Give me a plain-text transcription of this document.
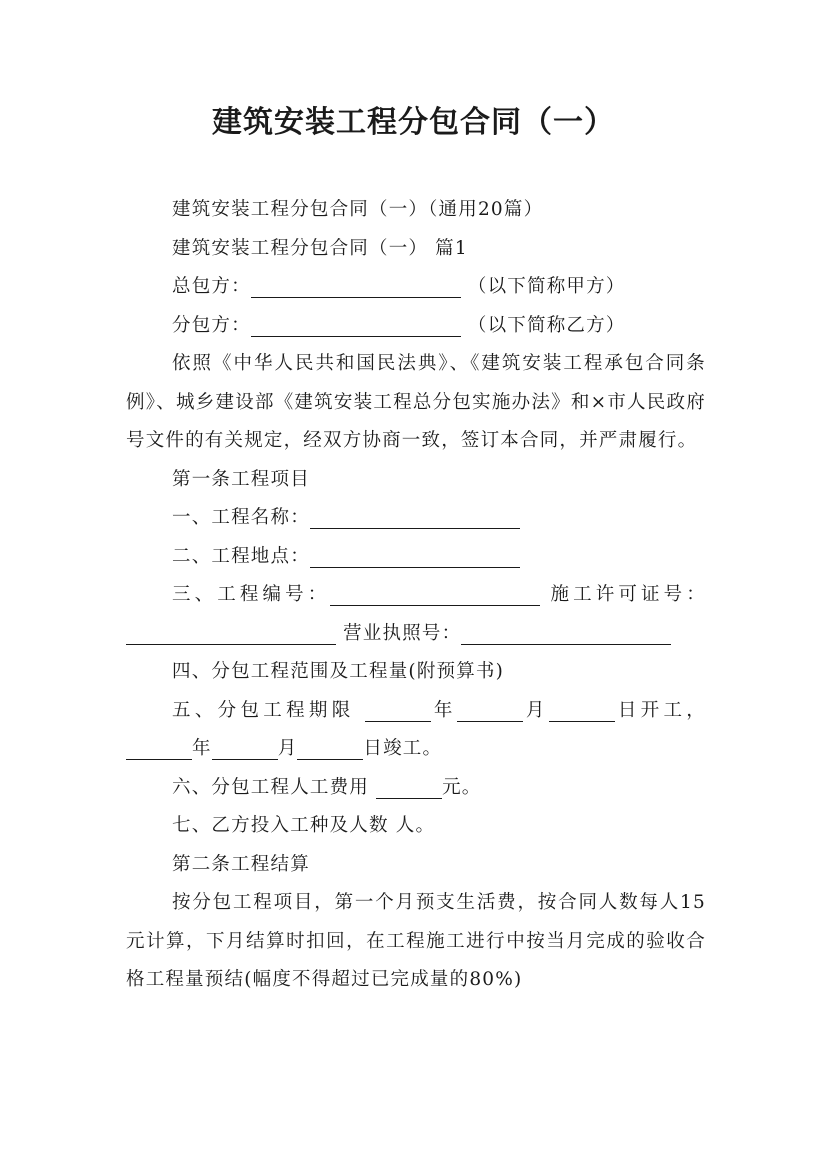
建筑安装工程分包合同（一）

建筑安装工程分包合同（一）（通用20篇）

建筑安装工程分包合同（一） 篇1

总包方：	（以下简称甲方）

分包方：	（以下简称乙方）

依照《中华人民共和国民法典》、《建筑安装工程承包合同条例》、城乡建设部《建筑安装工程总分包实施办法》和×市人民政府号文件的有关规定，经双方协商一致，签订本合同，并严肃履行。

第一条工程项目

一、工程名称：

二、工程地点：

三、工程编号：	施工许可证号：

营业执照号：

四、分包工程范围及工程量(附预算书)

五、分包工程期限	年	月	日开工，

年	月	日竣工。

六、分包工程人工费用	元。

七、乙方投入工种及人数 人。

第二条工程结算

按分包工程项目，第一个月预支生活费，按合同人数每人15元计算，下月结算时扣回，在工程施工进行中按当月完成的验收合格工程量预结(幅度不得超过已完成量的80%)
